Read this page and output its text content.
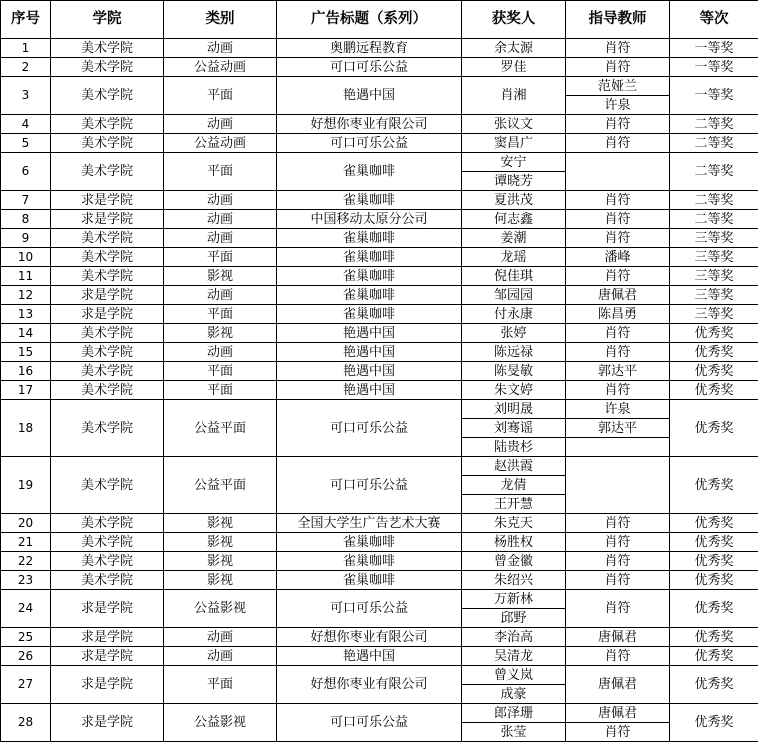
序号	学院	类别	广告标题（系列）	获奖人	指导教师	等次
1	美术学院	动画	奥鹏远程教育	余太源	肖符	一等奖
2	美术学院	公益动画	可口可乐公益	罗佳	肖符	一等奖
3	美术学院	平面	艳遇中国	肖湘	范娅兰	一等奖
					许泉	
4	美术学院	动画	好想你枣业有限公司	张议文	肖符	二等奖
5	美术学院	公益动画	可口可乐公益	窦昌广	肖符	二等奖
6	美术学院	平面	雀巢咖啡	安宁		二等奖
				谭晓芳		
7	求是学院	动画	雀巢咖啡	夏洪茂	肖符	二等奖
8	求是学院	动画	中国移动太原分公司	何志鑫	肖符	二等奖
9	美术学院	动画	雀巢咖啡	姜潮	肖符	三等奖
10	美术学院	平面	雀巢咖啡	龙瑶	潘峰	三等奖
11	美术学院	影视	雀巢咖啡	倪佳琪	肖符	三等奖
12	求是学院	动画	雀巢咖啡	邹园园	唐佩君	三等奖
13	求是学院	平面	雀巢咖啡	付永康	陈昌勇	三等奖
14	美术学院	影视	艳遇中国	张婷	肖符	优秀奖
15	美术学院	动画	艳遇中国	陈远禄	肖符	优秀奖
16	美术学院	平面	艳遇中国	陈旻敏	郭达平	优秀奖
17	美术学院	平面	艳遇中国	朱文婷	肖符	优秀奖
18	美术学院	公益平面	可口可乐公益	刘明晟	许泉	优秀奖
				刘骞谣	郭达平	
				陆贵杉		
19	美术学院	公益平面	可口可乐公益	赵洪霞		优秀奖
				龙倩		
				王开慧		
20	美术学院	影视	全国大学生广告艺术大赛	朱克天	肖符	优秀奖
21	美术学院	影视	雀巢咖啡	杨胜权	肖符	优秀奖
22	美术学院	影视	雀巢咖啡	曾金徽	肖符	优秀奖
23	美术学院	影视	雀巢咖啡	朱绍兴	肖符	优秀奖
24	求是学院	公益影视	可口可乐公益	万新林	肖符	优秀奖
				邱野		
25	求是学院	动画	好想你枣业有限公司	李治高	唐佩君	优秀奖
26	求是学院	动画	艳遇中国	吴清龙	肖符	优秀奖
27	求是学院	平面	好想你枣业有限公司	曾义岚	唐佩君	优秀奖
				成豪		
28	求是学院	公益影视	可口可乐公益	郎泽珊	唐佩君	优秀奖
				张莹	肖符	
